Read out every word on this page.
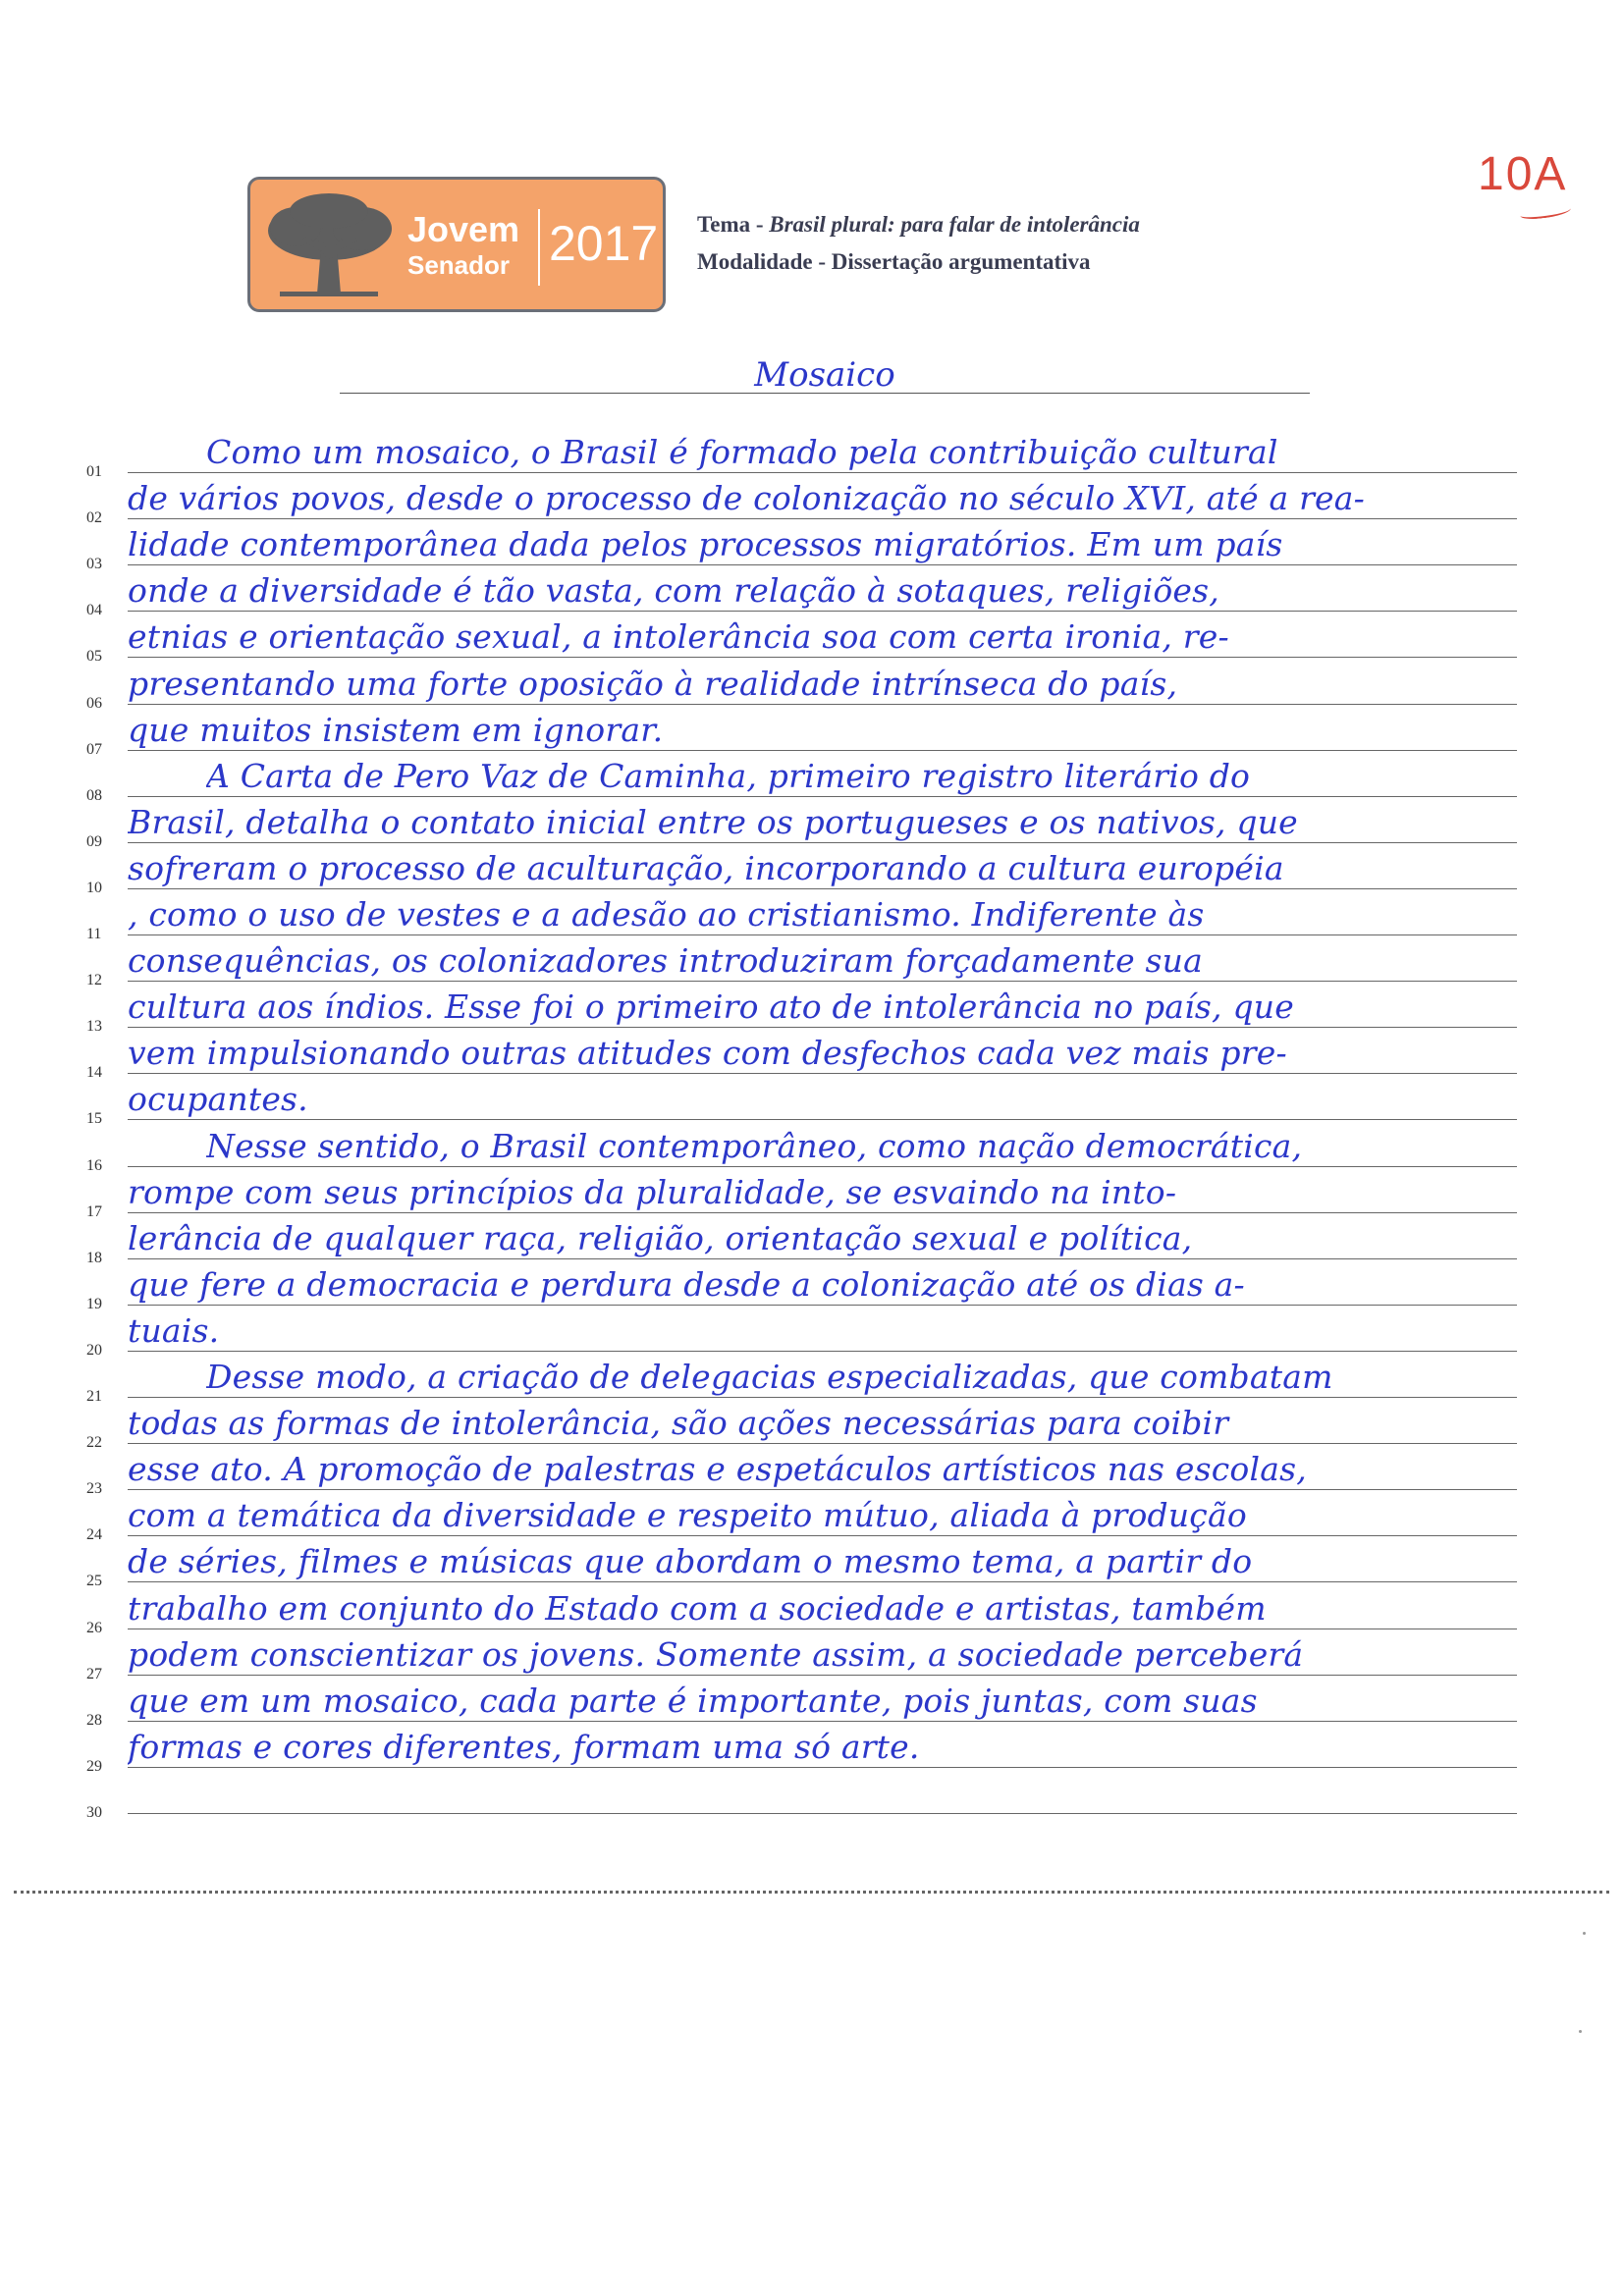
10A
Jovem
Senador 2017 Tema - Brasil plural: para falar de intolerância
Modalidade - Dissertação argumentativa
Mosaico
01
Como um mosaico, o Brasil é formado pela contribuição cultural
02
de vários povos, desde o processo de colonização no século XVI, até a rea-
03
lidade contemporânea dada pelos processos migratórios. Em um país
04
onde a diversidade é tão vasta, com relação à sotaques, religiões,
05
etnias e orientação sexual, a intolerância soa com certa ironia, re-
06
presentando uma forte oposição à realidade intrínseca do país,
07
que muitos insistem em ignorar.
08
A Carta de Pero Vaz de Caminha, primeiro registro literário do
09
Brasil, detalha o contato inicial entre os portugueses e os nativos, que
10
sofreram o processo de aculturação, incorporando a cultura européia
11
, como o uso de vestes e a adesão ao cristianismo. Indiferente às
12
consequências, os colonizadores introduziram forçadamente sua
13
cultura aos índios. Esse foi o primeiro ato de intolerância no país, que
14
vem impulsionando outras atitudes com desfechos cada vez mais pre-
15
ocupantes.
16
Nesse sentido, o Brasil contemporâneo, como nação democrática,
17
rompe com seus princípios da pluralidade, se esvaindo na into-
18
lerância de qualquer raça, religião, orientação sexual e política,
19
que fere a democracia e perdura desde a colonização até os dias a-
20
tuais.
21
Desse modo, a criação de delegacias especializadas, que combatam
22
todas as formas de intolerância, são ações necessárias para coibir
23
esse ato. A promoção de palestras e espetáculos artísticos nas escolas,
24
com a temática da diversidade e respeito mútuo, aliada à produção
25
de séries, filmes e músicas que abordam o mesmo tema, a partir do
26
trabalho em conjunto do Estado com a sociedade e artistas, também
27
podem conscientizar os jovens. Somente assim, a sociedade perceberá
28
que em um mosaico, cada parte é importante, pois juntas, com suas
29
formas e cores diferentes, formam uma só arte.
30
